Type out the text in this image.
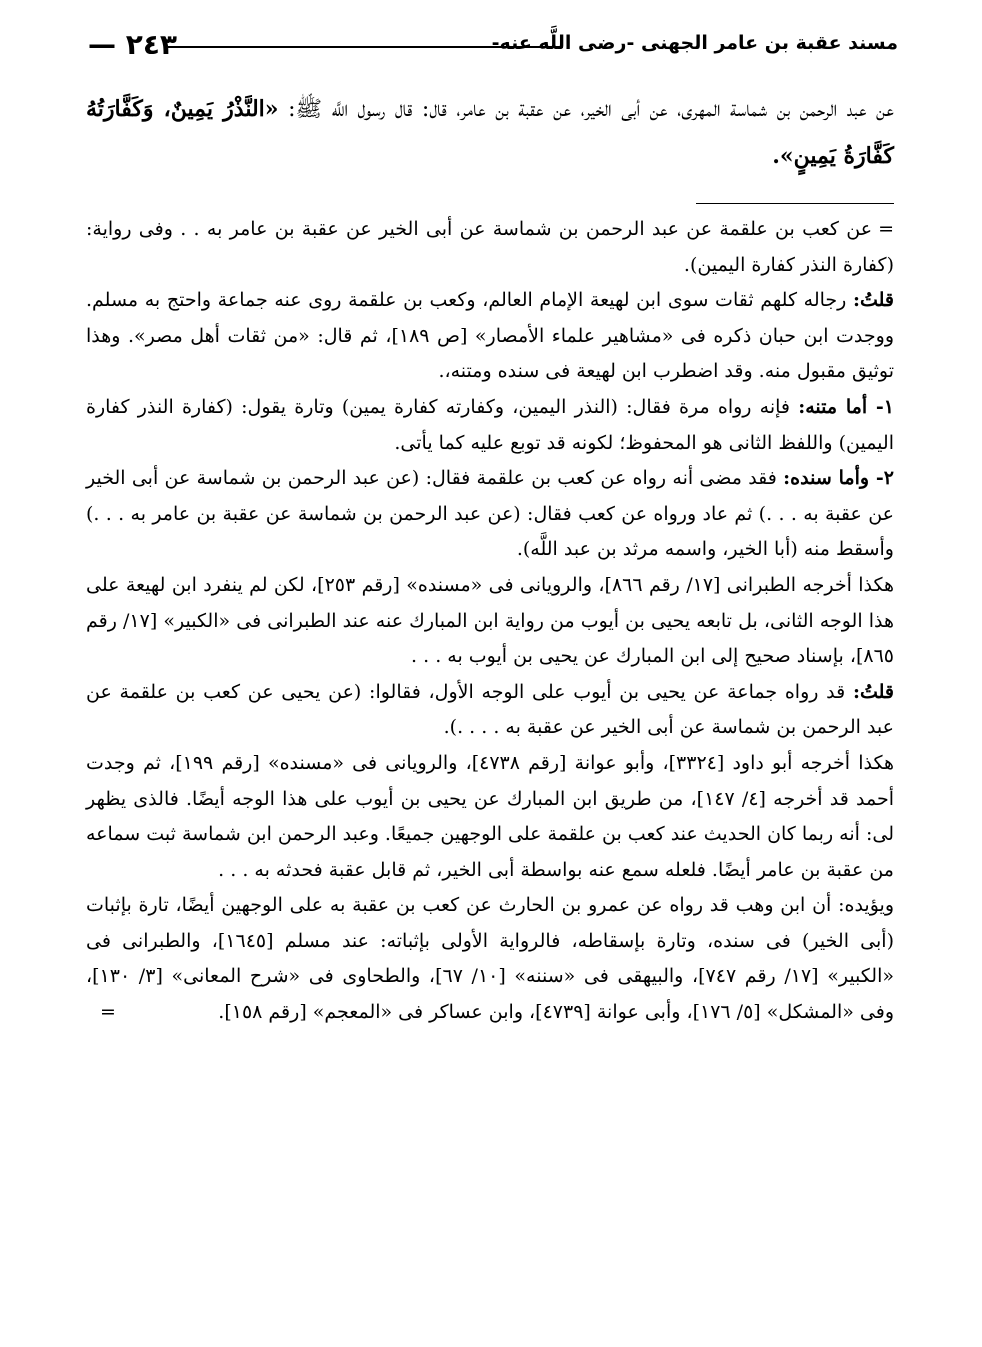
مسند عقبة بن عامر الجهنى -رضى اللَّه عنه-
— ٢٤٣
عن عبد الرحمن بن شماسة المهرى، عن أبى الخير، عن عقبة بن عامر، قال: قال رسول اللَّه ﷺ: «النَّذْرُ يَمِينٌ، وَكَفَّارَتُهُ كَفَّارَةُ يَمِينٍ».

=عن كعب بن علقمة عن عبد الرحمن بن شماسة عن أبى الخير عن عقبة بن عامر به . . وفى رواية: (كفارة النذر كفارة اليمين).

قلتُ: رجاله كلهم ثقات سوى ابن لهيعة الإمام العالم، وكعب بن علقمة روى عنه جماعة واحتج به مسلم. ووجدت ابن حبان ذكره فى «مشاهير علماء الأمصار» [ص ١٨٩]، ثم قال: «من ثقات أهل مصر». وهذا توثيق مقبول منه. وقد اضطرب ابن لهيعة فى سنده ومتنه،.

١- أما متنه: فإنه رواه مرة فقال: (النذر اليمين، وكفارته كفارة يمين) وتارة يقول: (كفارة النذر كفارة اليمين) واللفظ الثانى هو المحفوظ؛ لكونه قد توبع عليه كما يأتى.

٢- وأما سنده: فقد مضى أنه رواه عن كعب بن علقمة فقال: (عن عبد الرحمن بن شماسة عن أبى الخير عن عقبة به . . .) ثم عاد ورواه عن كعب فقال: (عن عبد الرحمن بن شماسة عن عقبة بن عامر به . . .) وأسقط منه (أبا الخير، واسمه مرثد بن عبد اللَّه).

هكذا أخرجه الطبرانى [١٧/ رقم ٨٦٦]، والرويانى فى «مسنده» [رقم ٢٥٣]، لكن لم ينفرد ابن لهيعة على هذا الوجه الثانى، بل تابعه يحيى بن أيوب من رواية ابن المبارك عنه عند الطبرانى فى «الكبير» [١٧/ رقم ٨٦٥]، بإسناد صحيح إلى ابن المبارك عن يحيى بن أيوب به . . .

قلتُ: قد رواه جماعة عن يحيى بن أيوب على الوجه الأول، فقالوا: (عن يحيى عن كعب بن علقمة عن عبد الرحمن بن شماسة عن أبى الخير عن عقبة به . . . .).

هكذا أخرجه أبو داود [٣٣٢٤]، وأبو عوانة [رقم ٤٧٣٨]، والرويانى فى «مسنده» [رقم ١٩٩]، ثم وجدت أحمد قد أخرجه [٤/ ١٤٧]، من طريق ابن المبارك عن يحيى بن أيوب على هذا الوجه أيضًا. فالذى يظهر لى: أنه ربما كان الحديث عند كعب بن علقمة على الوجهين جميعًا. وعبد الرحمن ابن شماسة ثبت سماعه من عقبة بن عامر أيضًا. فلعله سمع عنه بواسطة أبى الخير، ثم قابل عقبة فحدثه به . . .

ويؤيده: أن ابن وهب قد رواه عن عمرو بن الحارث عن كعب بن عقبة به على الوجهين أيضًا، تارة بإثبات (أبى الخير) فى سنده، وتارة بإسقاطه، فالرواية الأولى بإثباته: عند مسلم [١٦٤٥]، والطبرانى فى «الكبير» [١٧/ رقم ٧٤٧]، والبيهقى فى «سننه» [١٠/ ٦٧]، والطحاوى فى «شرح المعانى» [٣/ ١٣٠]، وفى «المشكل» [٥/ ١٧٦]، وأبى عوانة [٤٧٣٩]، وابن عساكر فى «المعجم» [رقم ١٥٨].
=
